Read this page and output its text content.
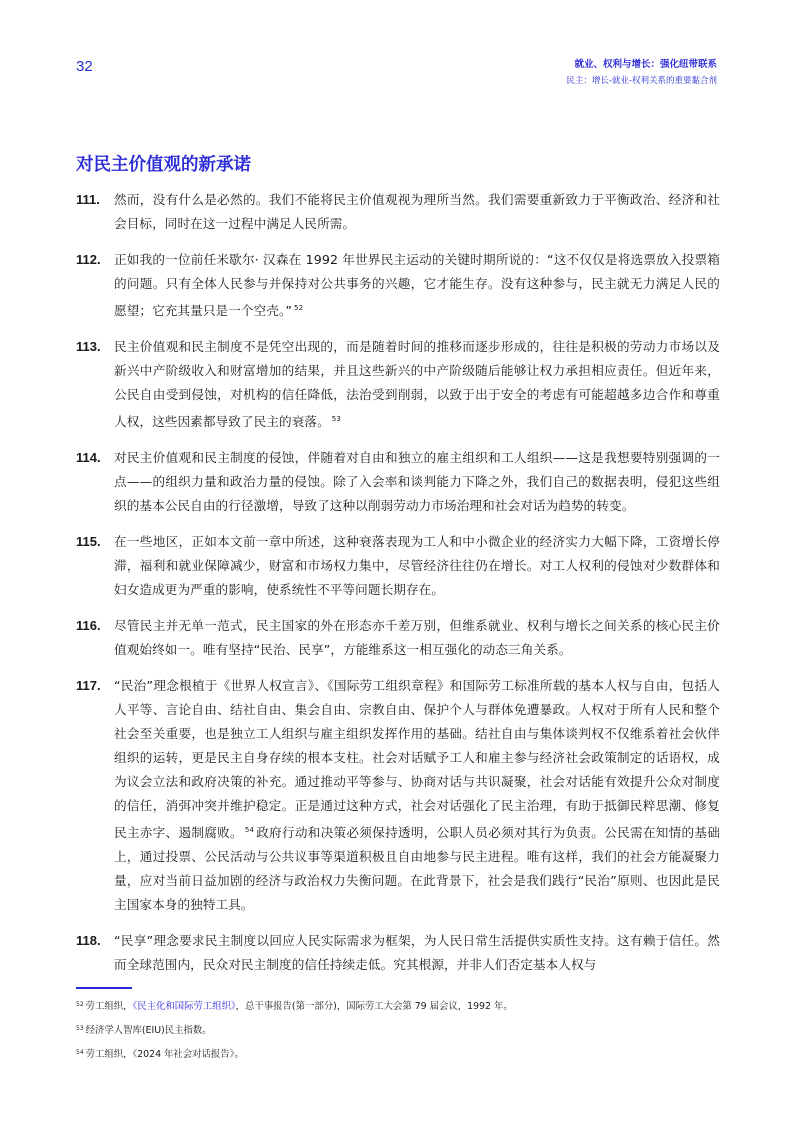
32	就业、权利与增长：强化纽带联系
民主：增长-就业-权利关系的重要黏合剂
对民主价值观的新承诺
111.	然而，没有什么是必然的。我们不能将民主价值观视为理所当然。我们需要重新致力于平衡政治、经济和社会目标，同时在这一过程中满足人民所需。
112.	正如我的一位前任米歇尔· 汉森在 1992 年世界民主运动的关键时期所说的：“这不仅仅是将选票放入投票箱的问题。只有全体人民参与并保持对公共事务的兴趣，它才能生存。没有这种参与，民主就无力满足人民的愿望；它充其量只是一个空壳。” $^{52}$
113.	民主价值观和民主制度不是凭空出现的，而是随着时间的推移而逐步形成的，往往是积极的劳动力市场以及新兴中产阶级收入和财富增加的结果，并且这些新兴的中产阶级随后能够让权力承担相应责任。但近年来，公民自由受到侵蚀，对机构的信任降低，法治受到削弱，以致于出于安全的考虑有可能超越多边合作和尊重人权，这些因素都导致了民主的衰落。 $^{53}$
114.	对民主价值观和民主制度的侵蚀，伴随着对自由和独立的雇主组织和工人组织——这是我想要特别强调的一点——的组织力量和政治力量的侵蚀。除了入会率和谈判能力下降之外，我们自己的数据表明，侵犯这些组织的基本公民自由的行径激增，导致了这种以削弱劳动力市场治理和社会对话为趋势的转变。
115.	在一些地区，正如本文前一章中所述，这种衰落表现为工人和中小微企业的经济实力大幅下降，工资增长停滞，福利和就业保障减少，财富和市场权力集中，尽管经济往往仍在增长。对工人权利的侵蚀对少数群体和妇女造成更为严重的影响，使系统性不平等问题长期存在。
116.	尽管民主并无单一范式，民主国家的外在形态亦千差万别，但维系就业、权利与增长之间关系的核心民主价值观始终如一。唯有坚持“民治、民享”，方能维系这一相互强化的动态三角关系。
117.	“民治”理念根植于《世界人权宣言》、《国际劳工组织章程》和国际劳工标准所载的基本人权与自由，包括人人平等、言论自由、结社自由、集会自由、宗教自由、保护个人与群体免遭暴政。人权对于所有人民和整个社会至关重要，也是独立工人组织与雇主组织发挥作用的基础。结社自由与集体谈判权不仅维系着社会伙伴组织的运转，更是民主自身存续的根本支柱。社会对话赋予工人和雇主参与经济社会政策制定的话语权，成为议会立法和政府决策的补充。通过推动平等参与、协商对话与共识凝聚，社会对话能有效提升公众对制度的信任，消弭冲突并维护稳定。正是通过这种方式，社会对话强化了民主治理，有助于抵御民粹思潮、修复民主赤字、遏制腐败。 $^{54}$ 政府行动和决策必须保持透明，公职人员必须对其行为负责。公民需在知情的基础上，通过投票、公民活动与公共议事等渠道积极且自由地参与民主进程。唯有这样，我们的社会方能凝聚力量，应对当前日益加剧的经济与政治权力失衡问题。在此背景下，社会是我们践行“民治”原则、也因此是民主国家本身的独特工具。
118.	“民享”理念要求民主制度以回应人民实际需求为框架，为人民日常生活提供实质性支持。这有赖于信任。然而全球范围内，民众对民主制度的信任持续走低。究其根源，并非人们否定基本人权与
$^{52}$ 劳工组织，《民主化和国际劳工组织》，总干事报告(第一部分)，国际劳工大会第 79 届会议，1992 年。
$^{53}$ 经济学人智库(EIU)民主指数。
$^{54}$ 劳工组织，《2024 年社会对话报告》。
